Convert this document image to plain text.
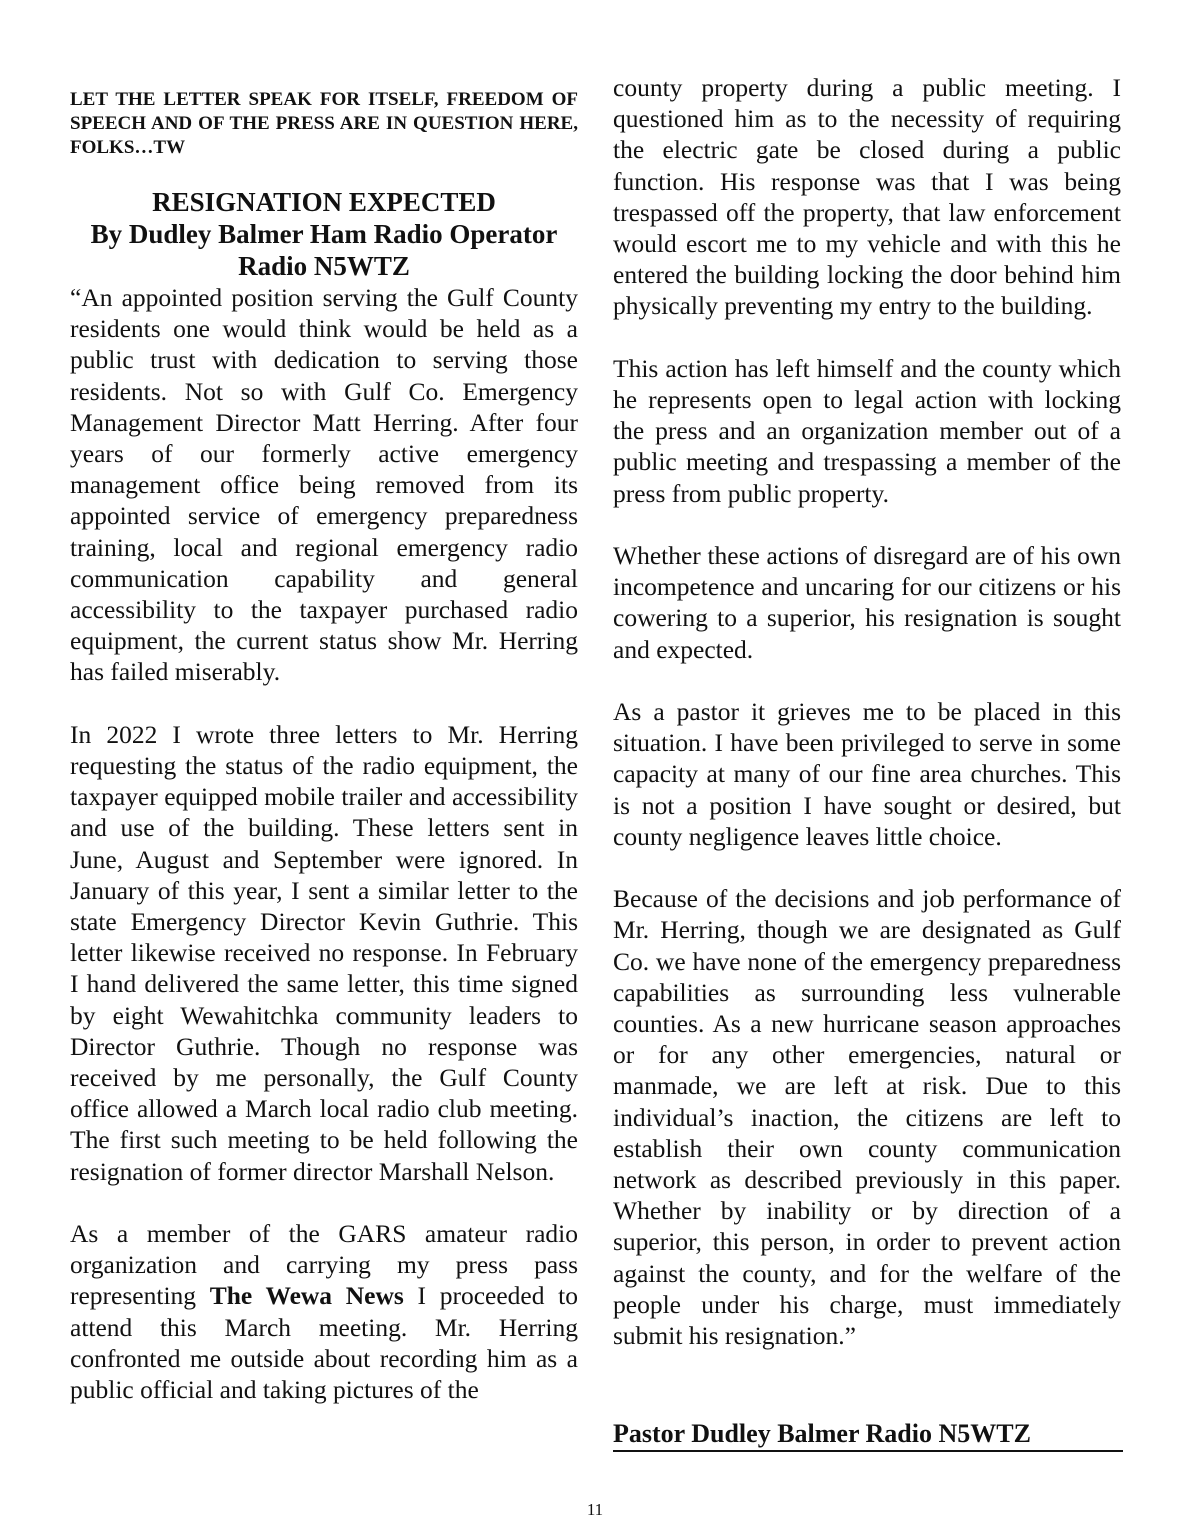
LET THE LETTER SPEAK FOR ITSELF, FREEDOM OF SPEECH AND OF THE PRESS ARE IN QUESTION HERE, FOLKS…TW

RESIGNATION EXPECTED

By Dudley Balmer Ham Radio Operator

Radio N5WTZ

“An appointed position serving the Gulf County residents one would think would be held as a public trust with dedication to serving those residents. Not so with Gulf Co. Emergency Management Director Matt Herring. After four years of our formerly active emergency management office being removed from its appointed service of emergency preparedness training, local and regional emergency radio communication capability and general accessibility to the taxpayer purchased radio equipment, the current status show Mr. Herring has failed miserably.

In 2022 I wrote three letters to Mr. Herring requesting the status of the radio equipment, the taxpayer equipped mobile trailer and accessibility and use of the building. These letters sent in June, August and September were ignored. In January of this year, I sent a similar letter to the state Emergency Director Kevin Guthrie. This letter likewise received no response. In February I hand delivered the same letter, this time signed by eight Wewahitchka community leaders to Director Guthrie. Though no response was received by me personally, the Gulf County office allowed a March local radio club meeting. The first such meeting to be held following the resignation of former director Marshall Nelson.

As a member of the GARS amateur radio organization and carrying my press pass representing The Wewa News I proceeded to attend this March meeting. Mr. Herring confronted me outside about recording him as a public official and taking pictures of the

county property during a public meeting. I questioned him as to the necessity of requiring the electric gate be closed during a public function. His response was that I was being trespassed off the property, that law enforcement would escort me to my vehicle and with this he entered the building locking the door behind him physically preventing my entry to the building.

This action has left himself and the county which he represents open to legal action with locking the press and an organization member out of a public meeting and trespassing a member of the press from public property.

Whether these actions of disregard are of his own incompetence and uncaring for our citizens or his cowering to a superior, his resignation is sought and expected.

As a pastor it grieves me to be placed in this situation. I have been privileged to serve in some capacity at many of our fine area churches. This is not a position I have sought or desired, but county negligence leaves little choice.

Because of the decisions and job performance of Mr. Herring, though we are designated as Gulf Co. we have none of the emergency preparedness capabilities as surrounding less vulnerable counties. As a new hurricane season approaches or for any other emergencies, natural or manmade, we are left at risk. Due to this individual’s inaction, the citizens are left to establish their own county communication network as described previously in this paper. Whether by inability or by direction of a superior, this person, in order to prevent action against the county, and for the welfare of the people under his charge, must immediately submit his resignation.”

Pastor Dudley Balmer Radio N5WTZ

11
